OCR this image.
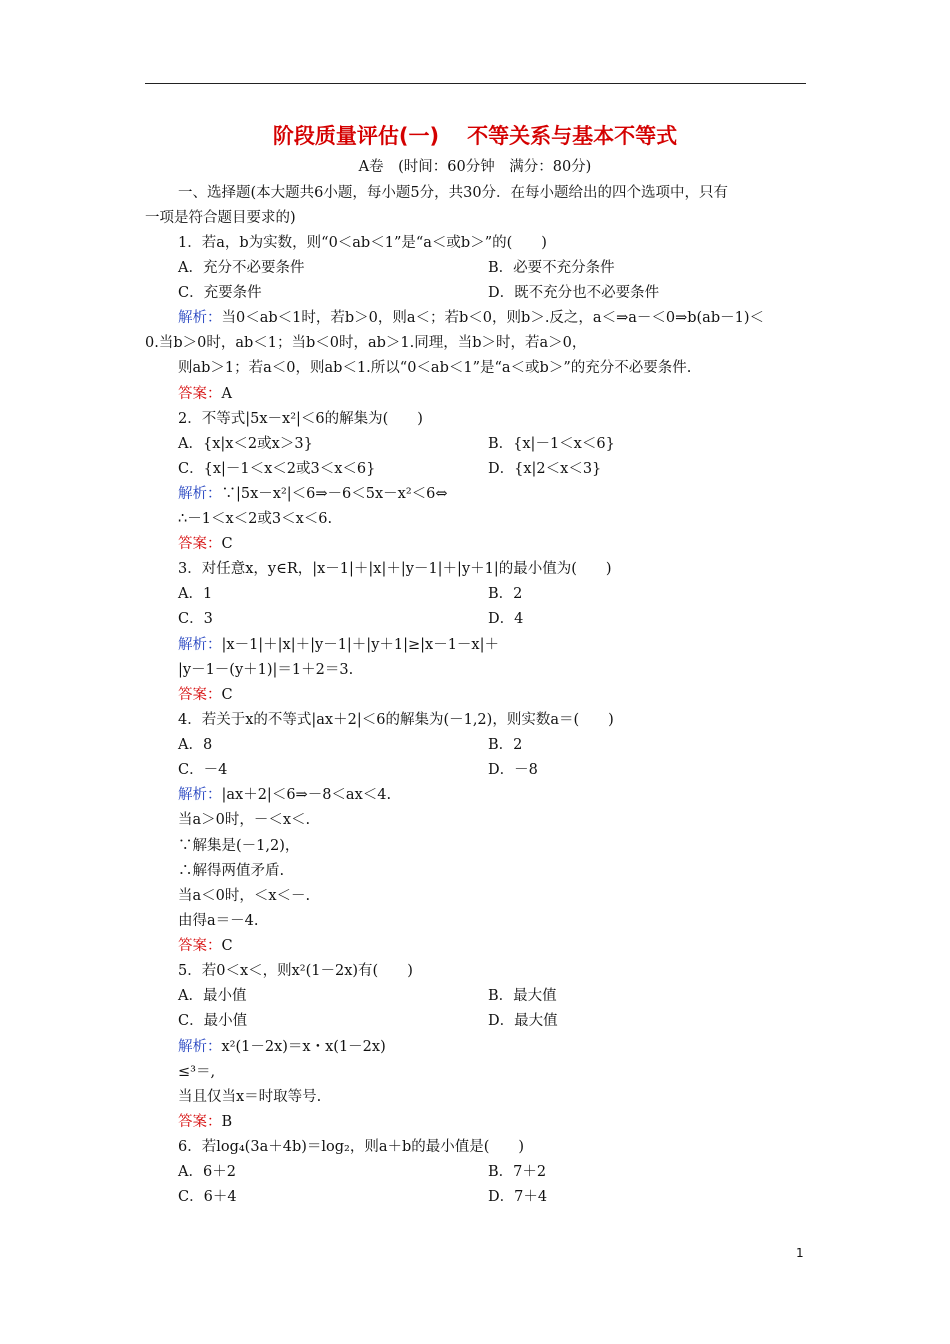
阶段质量评估(一) 不等关系与基本不等式
A卷　(时间：60分钟　满分：80分)
一、选择题(本大题共6小题，每小题5分，共30分．在每小题给出的四个选项中，只有
一项是符合题目要求的)
1．若a，b为实数，则“0＜ab＜1”是“a＜或b＞”的(　　)
A．充分不必要条件	B．必要不充分条件
C．充要条件	D．既不充分也不必要条件
解析：当0＜ab＜1时，若b＞0，则a＜；若b＜0，则b＞.反之，a＜⇒a－＜0⇒b(ab－1)＜
0.当b＞0时，ab＜1；当b＜0时，ab＞1.同理，当b＞时，若a＞0，
则ab＞1；若a＜0，则ab＜1.所以“0＜ab＜1”是“a＜或b＞”的充分不必要条件.
答案：A
2．不等式|5x－x²|＜6的解集为(　　)
A．{x|x＜2或x＞3}	B．{x|－1＜x＜6}
C．{x|－1＜x＜2或3＜x＜6}	D．{x|2＜x＜3}
解析：∵|5x－x²|＜6⇒－6＜5x－x²＜6⇔
∴－1＜x＜2或3＜x＜6.
答案：C
3．对任意x，y∈R，|x－1|＋|x|＋|y－1|＋|y＋1|的最小值为(　　)
A．1	B．2
C．3	D．4
解析：|x－1|＋|x|＋|y－1|＋|y＋1|≥|x－1－x|＋
|y－1－(y＋1)|＝1＋2＝3.
答案：C
4．若关于x的不等式|ax＋2|＜6的解集为(－1,2)，则实数a＝(　　)
A．8	B．2
C．－4	D．－8
解析：|ax＋2|＜6⇒－8＜ax＜4.
当a＞0时，－＜x＜.
∵解集是(－1,2)，
∴解得两值矛盾.
当a＜0时，＜x＜－.
由得a＝－4.
答案：C
5．若0＜x＜，则x²(1－2x)有(　　)
A．最小值	B．最大值
C．最小值	D．最大值
解析：x²(1－2x)＝x・x(1－2x)
≤³＝,
当且仅当x＝时取等号.
答案：B
6．若log₄(3a＋4b)＝log₂，则a＋b的最小值是(　　)
A．6＋2	B．7＋2
C．6＋4	D．7＋4
1
